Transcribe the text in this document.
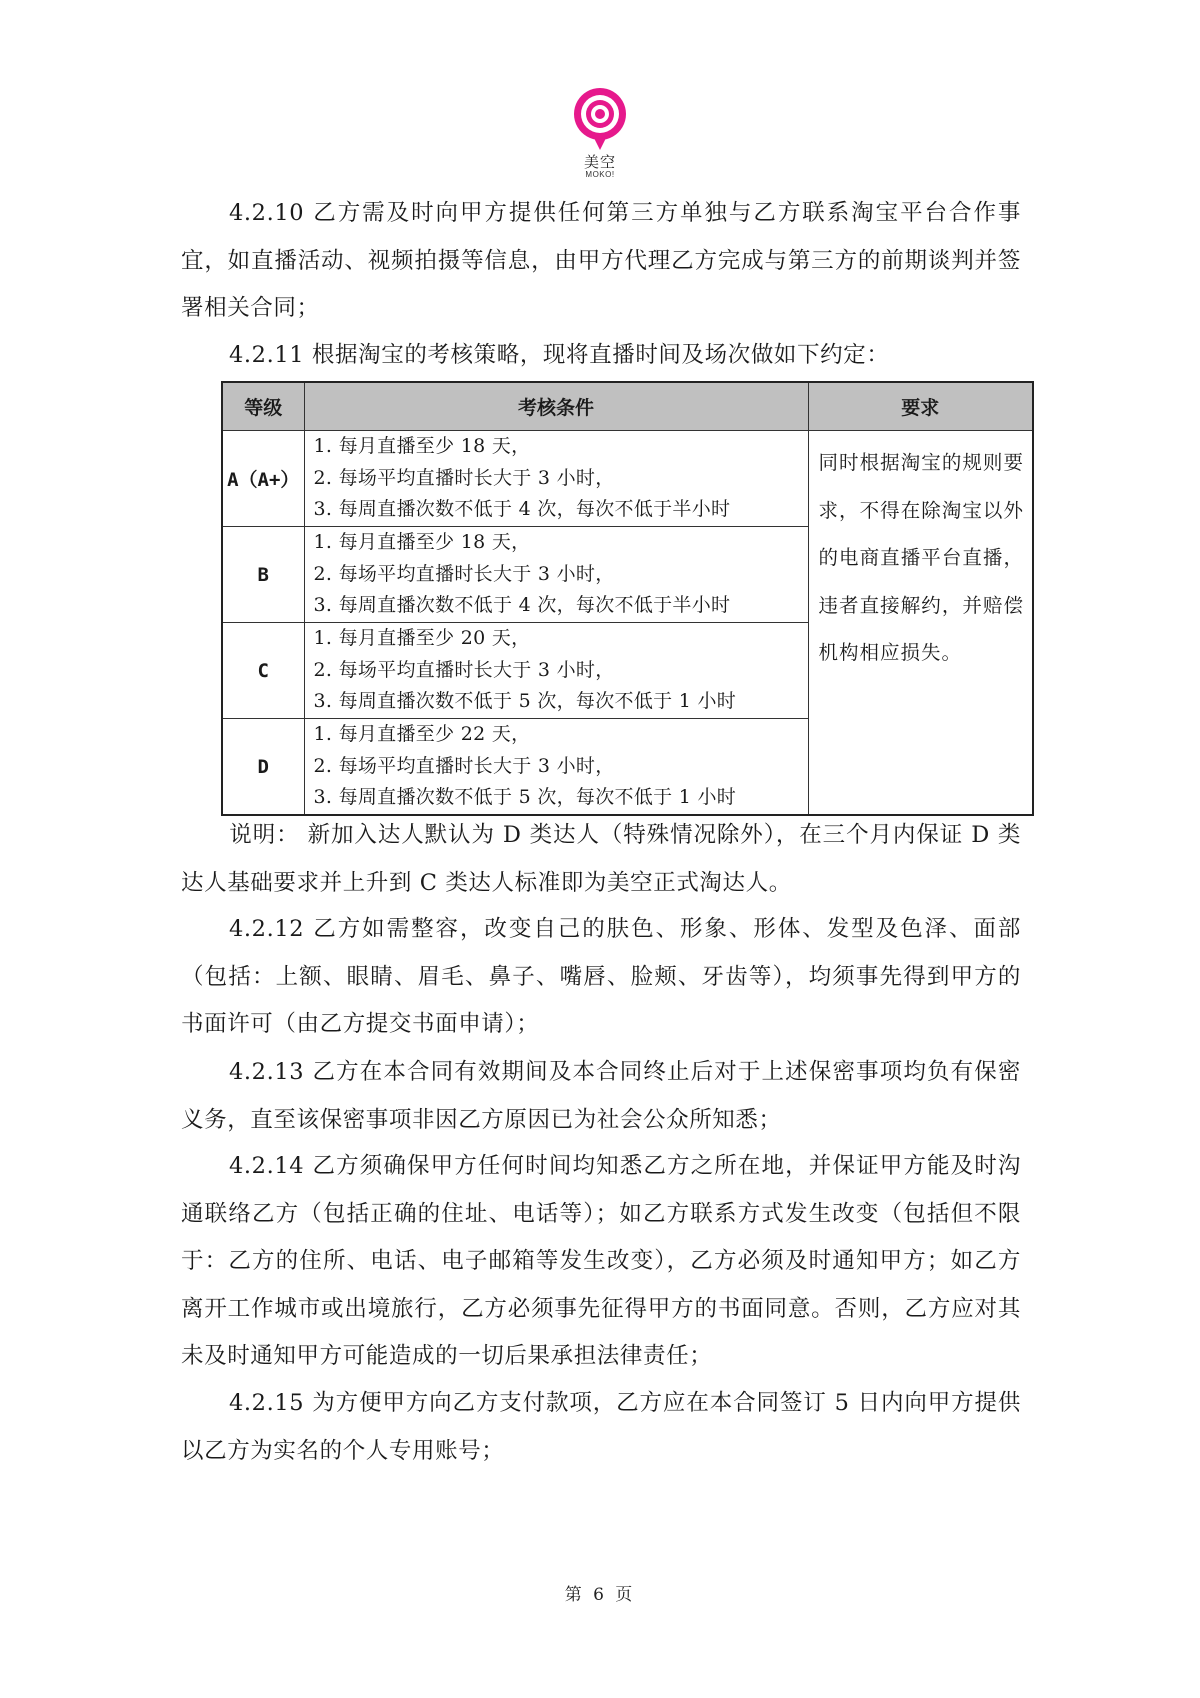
美空
MOKO!

4.2.10 乙方需及时向甲方提供任何第三方单独与乙方联系淘宝平台合作事宜，如直播活动、视频拍摄等信息，由甲方代理乙方完成与第三方的前期谈判并签署相关合同；

4.2.11 根据淘宝的考核策略，现将直播时间及场次做如下约定：

等级	考核条件	要求
A（A+）	1. 每月直播至少 18 天，
2. 每场平均直播时长大于 3 小时，
3. 每周直播次数不低于 4 次，每次不低于半小时	同时根据淘宝的规则要求，不得在除淘宝以外的电商直播平台直播，违者直接解约，并赔偿机构相应损失。

B	1. 每月直播至少 18 天，
2. 每场平均直播时长大于 3 小时，
3. 每周直播次数不低于 4 次，每次不低于半小时	

C	1. 每月直播至少 20 天，
2. 每场平均直播时长大于 3 小时，
3. 每周直播次数不低于 5 次，每次不低于 1 小时	

D	1. 每月直播至少 22 天，
2. 每场平均直播时长大于 3 小时，
3. 每周直播次数不低于 5 次，每次不低于 1 小时	

说明： 新加入达人默认为 D 类达人（特殊情况除外），在三个月内保证 D 类达人基础要求并上升到 C 类达人标准即为美空正式淘达人。

4.2.12 乙方如需整容，改变自己的肤色、形象、形体、发型及色泽、面部（包括：上额、眼睛、眉毛、鼻子、嘴唇、脸颊、牙齿等），均须事先得到甲方的书面许可（由乙方提交书面申请）；

4.2.13 乙方在本合同有效期间及本合同终止后对于上述保密事项均负有保密义务，直至该保密事项非因乙方原因已为社会公众所知悉；

4.2.14 乙方须确保甲方任何时间均知悉乙方之所在地，并保证甲方能及时沟通联络乙方（包括正确的住址、电话等）；如乙方联系方式发生改变（包括但不限于：乙方的住所、电话、电子邮箱等发生改变），乙方必须及时通知甲方；如乙方离开工作城市或出境旅行，乙方必须事先征得甲方的书面同意。否则，乙方应对其未及时通知甲方可能造成的一切后果承担法律责任；

4.2.15 为方便甲方向乙方支付款项，乙方应在本合同签订 5 日内向甲方提供以乙方为实名的个人专用账号；

第 6 页
